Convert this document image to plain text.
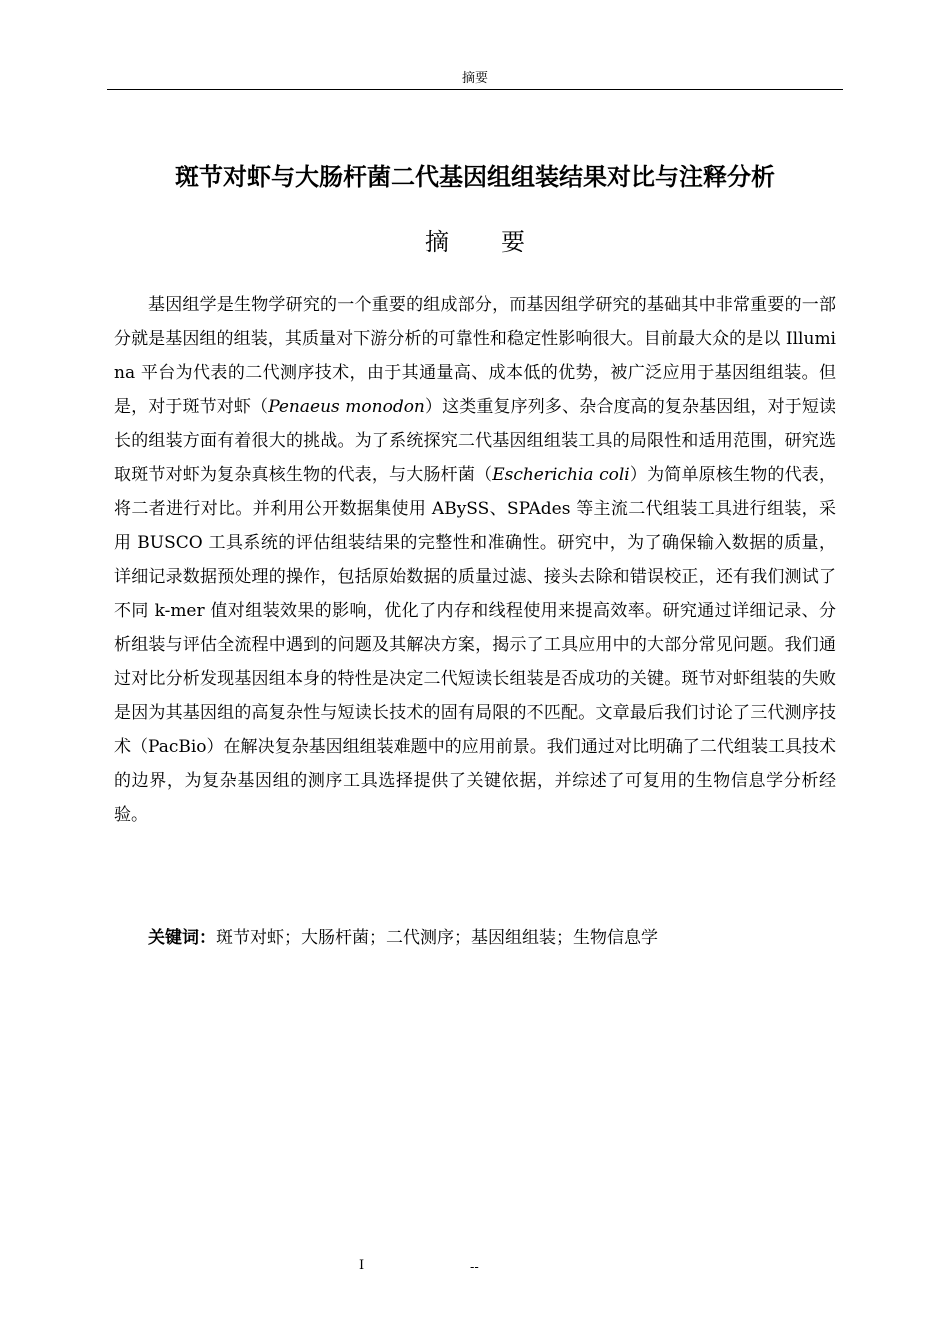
摘要
斑节对虾与大肠杆菌二代基因组组装结果对比与注释分析
摘 要

基因组学是生物学研究的一个重要的组成部分，而基因组学研究的基础其中非常重要的一部分就是基因组的组装，其质量对下游分析的可靠性和稳定性影响很大。目前最大众的是以 Illumina 平台为代表的二代测序技术，由于其通量高、成本低的优势，被广泛应用于基因组组装。但是，对于斑节对虾（Penaeus monodon）这类重复序列多、杂合度高的复杂基因组，对于短读长的组装方面有着很大的挑战。为了系统探究二代基因组组装工具的局限性和适用范围，研究选取斑节对虾为复杂真核生物的代表，与大肠杆菌（Escherichia coli）为简单原核生物的代表，将二者进行对比。并利用公开数据集使用 ABySS、SPAdes 等主流二代组装工具进行组装，采用 BUSCO 工具系统的评估组装结果的完整性和准确性。研究中，为了确保输入数据的质量，详细记录数据预处理的操作，包括原始数据的质量过滤、接头去除和错误校正，还有我们测试了不同 k-mer 值对组装效果的影响，优化了内存和线程使用来提高效率。研究通过详细记录、分析组装与评估全流程中遇到的问题及其解决方案，揭示了工具应用中的大部分常见问题。我们通过对比分析发现基因组本身的特性是决定二代短读长组装是否成功的关键。斑节对虾组装的失败是因为其基因组的高复杂性与短读长技术的固有局限的不匹配。文章最后我们讨论了三代测序技术（PacBio）在解决复杂基因组组装难题中的应用前景。我们通过对比明确了二代组装工具技术的边界，为复杂基因组的测序工具选择提供了关键依据，并综述了可复用的生物信息学分析经验。

关键词：斑节对虾；大肠杆菌；二代测序；基因组组装；生物信息学
I	--
